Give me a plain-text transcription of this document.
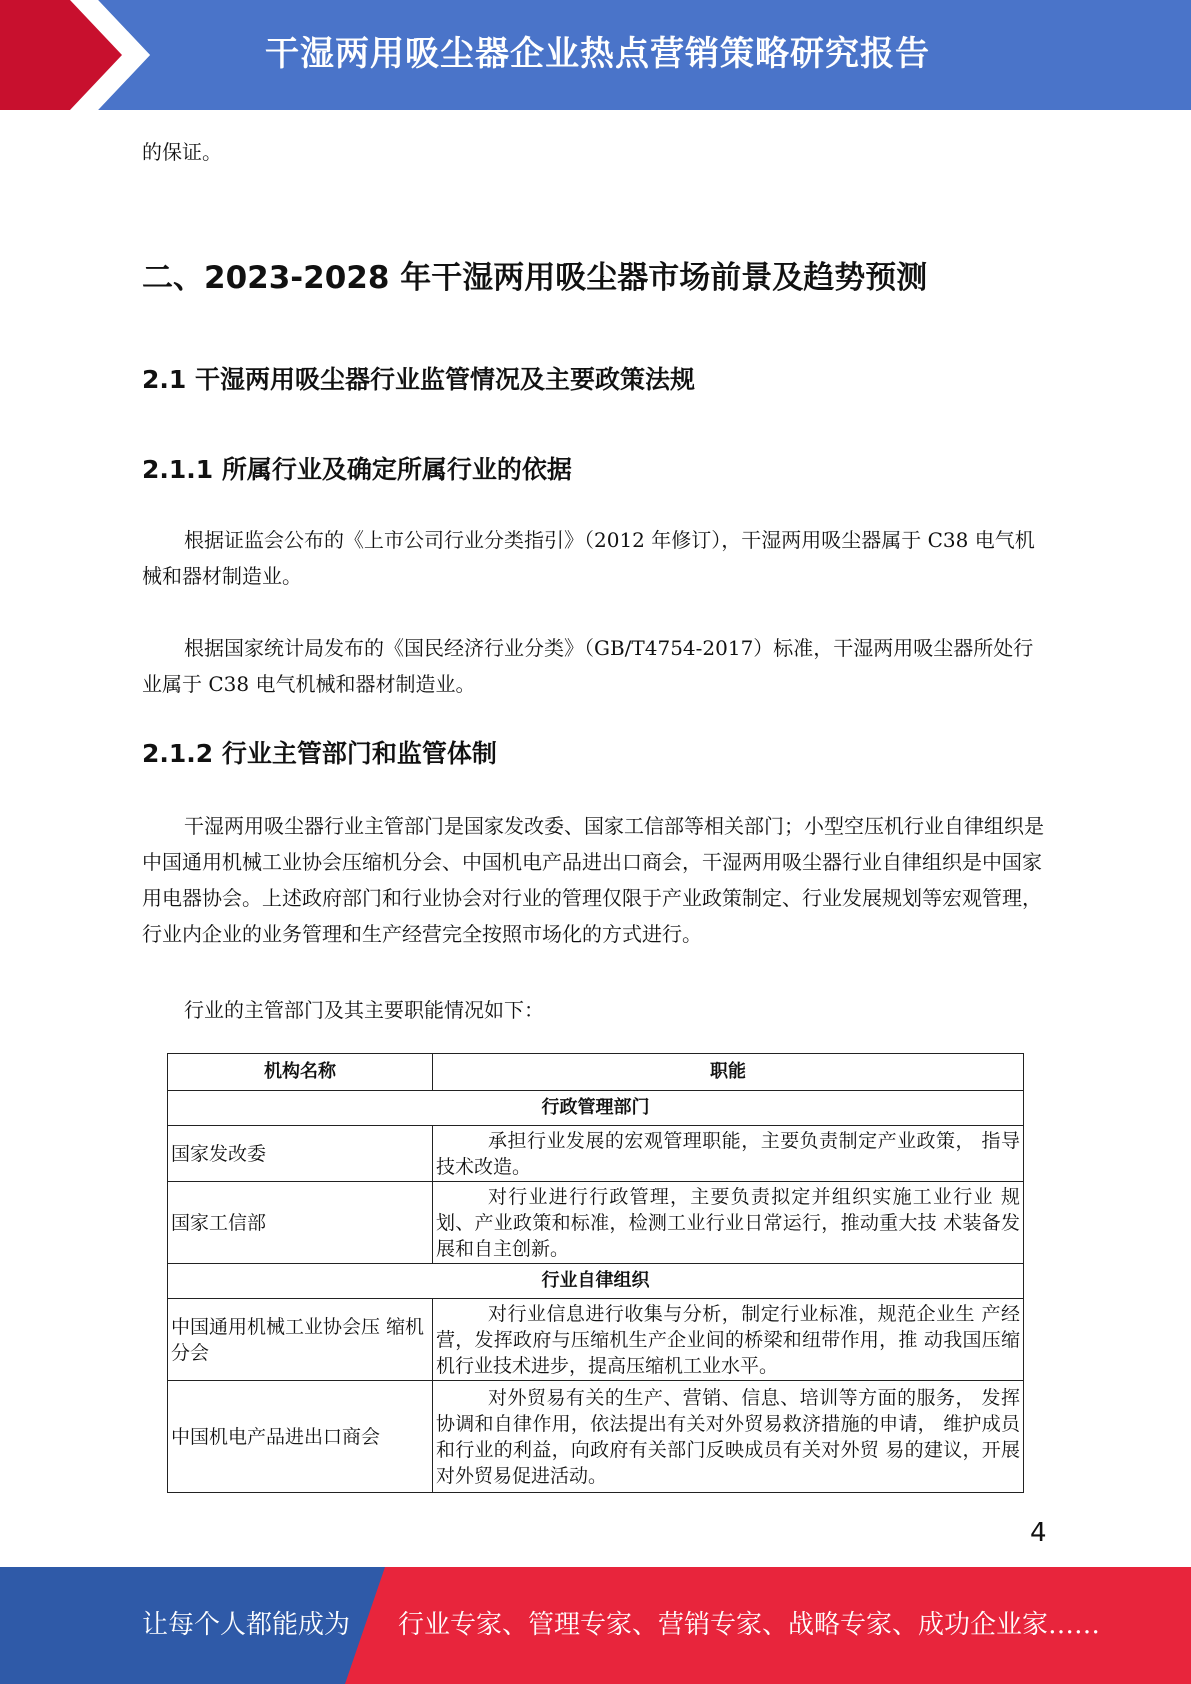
干湿两用吸尘器企业热点营销策略研究报告
的保证。
二、2023-2028 年干湿两用吸尘器市场前景及趋势预测
2.1 干湿两用吸尘器行业监管情况及主要政策法规
2.1.1 所属行业及确定所属行业的依据
根据证监会公布的《上市公司行业分类指引》（2012 年修订），干湿两用吸尘器属于 C38 电气机械和器材制造业。
根据国家统计局发布的《国民经济行业分类》（GB/T4754-2017）标准，干湿两用吸尘器所处行业属于 C38 电气机械和器材制造业。
2.1.2 行业主管部门和监管体制
干湿两用吸尘器行业主管部门是国家发改委、国家工信部等相关部门；小型空压机行业自律组织是中国通用机械工业协会压缩机分会、中国机电产品进出口商会，干湿两用吸尘器行业自律组织是中国家用电器协会。上述政府部门和行业协会对行业的管理仅限于产业政策制定、行业发展规划等宏观管理，行业内企业的业务管理和生产经营完全按照市场化的方式进行。
行业的主管部门及其主要职能情况如下：
机构名称	职能
行政管理部门	
国家发改委	承担行业发展的宏观管理职能，主要负责制定产业政策， 指导技术改造。
国家工信部	对行业进行行政管理，主要负责拟定并组织实施工业行业 规划、产业政策和标准，检测工业行业日常运行，推动重大技 术装备发展和自主创新。
行业自律组织	
中国通用机械工业协会压 缩机分会	对行业信息进行收集与分析，制定行业标准，规范企业生 产经营，发挥政府与压缩机生产企业间的桥梁和纽带作用，推 动我国压缩机行业技术进步，提高压缩机工业水平。
中国机电产品进出口商会	对外贸易有关的生产、营销、信息、培训等方面的服务， 发挥协调和自律作用，依法提出有关对外贸易救济措施的申请， 维护成员和行业的利益，向政府有关部门反映成员有关对外贸 易的建议，开展对外贸易促进活动。
4
让每个人都能成为 行业专家、管理专家、营销专家、战略专家、成功企业家……
